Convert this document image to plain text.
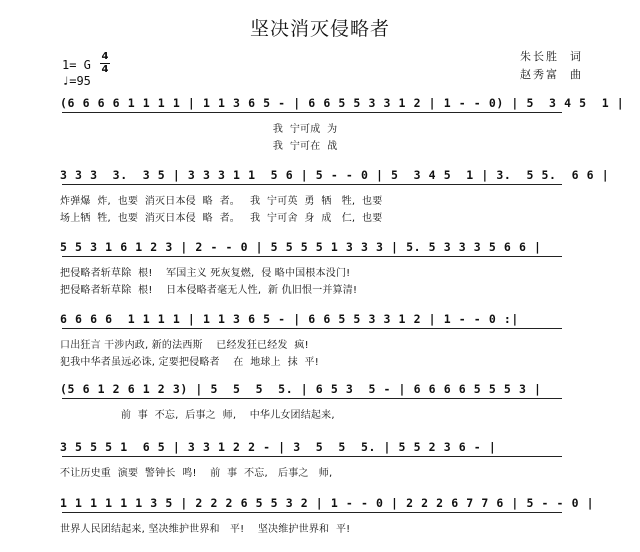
坚决消灭侵略者
1= G
4
4
♩=95
朱长胜  词
赵秀富  曲
(6 6 6 6 1 1 1 1 | 1 1 3 6 5 - | 6 6 5 5 3 3 1 2 | 1 - - 0) | 5  3 4 5  1 |
我  宁可成  为
我  宁可在  战
3 3 3  3.  3 5 | 3 3 3 1 1  5 6 | 5 - - 0 | 5  3 4 5  1 | 3.  5 5.  6 6 |
炸弹爆  炸,  也要  消灭日本侵  略  者。   我  宁可英  勇  牺   牲,  也要
场上牺  牲,  也要  消灭日本侵  略  者。   我  宁可舍  身  成   仁,  也要
5 5 3 1 6 1 2 3 | 2 - - 0 | 5 5 5 5 1 3 3 3 | 5. 5 3 3 3 5 6 6 |
把侵略者斩草除  根!    军国主义 死灰复燃,  侵 略中国根本没门!
把侵略者斩草除  根!    日本侵略者毫无人性,  新 仇旧恨一并算清!
6 6 6 6  1 1 1 1 | 1 1 3 6 5 - | 6 6 5 5 3 3 1 2 | 1 - - 0 :|
口出狂言 干涉内政, 新的法西斯    已经发狂已经发  疯!
犯我中华者虽远必诛, 定要把侵略者    在  地球上  抹  平!
(5 6 1 2 6 1 2 3) | 5  5  5  5. | 6 5 3  5 - | 6 6 6 6 5 5 5 3 |
前  事  不忘,  后事之  师,    中华儿女团结起来,
3 5 5 5 1  6 5 | 3 3 1 2 2 - | 3  5  5  5. | 5 5 2 3 6 - |
不让历史重  演要  警钟长  鸣!    前  事  不忘,   后事之   师,
1 1 1 1 1 1 3 5 | 2 2 2 6 5 5 3 2 | 1 - - 0 | 2 2 2 6 7 7 6 | 5 - - 0 |
世界人民团结起来, 坚决维护世界和   平!    坚决维护世界和  平!
